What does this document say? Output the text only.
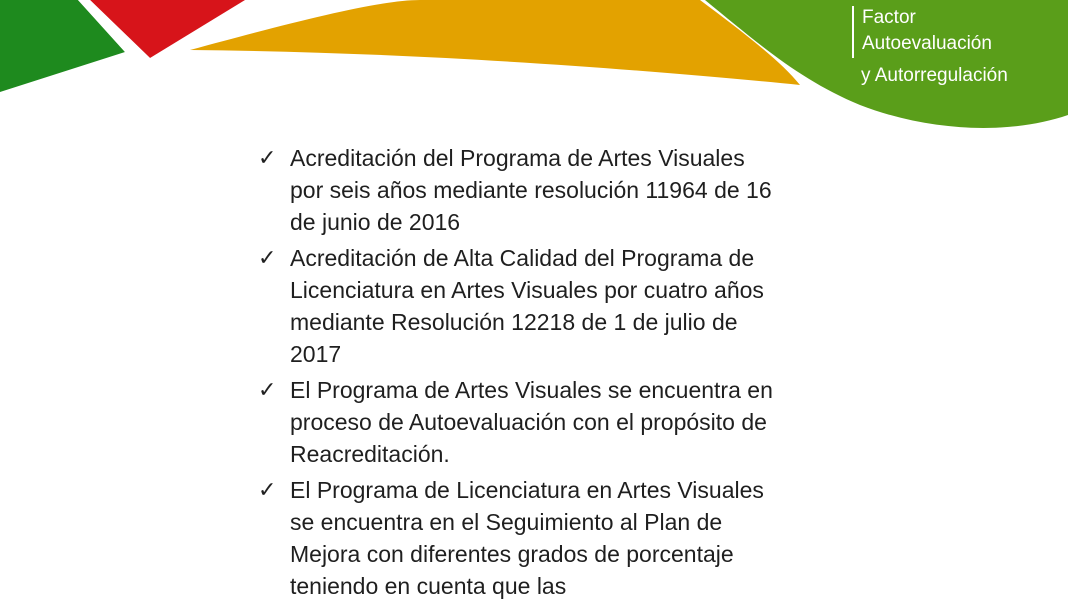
Factor
Autoevaluación
y Autorregulación
✓ Acreditación del Programa de Artes Visuales por seis años mediante resolución 11964 de 16 de junio de 2016
✓ Acreditación de Alta Calidad del Programa de Licenciatura en Artes Visuales por cuatro años mediante Resolución 12218 de 1 de julio de 2017
✓ El Programa de Artes Visuales se encuentra en proceso de Autoevaluación con el propósito de Reacreditación.
✓ El Programa de Licenciatura en Artes Visuales se encuentra en el Seguimiento al Plan de Mejora con diferentes grados de porcentaje teniendo en cuenta que las
